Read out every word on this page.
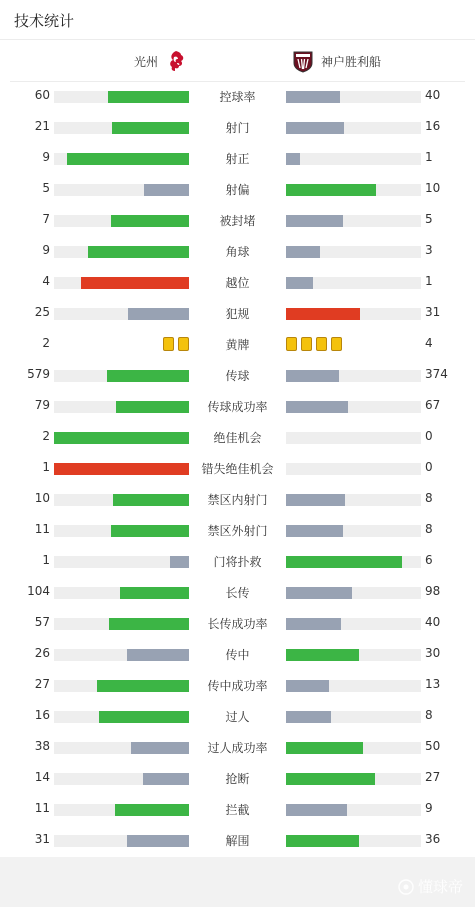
技术统计
光州	神户胜利船
60	控球率	40
21	射门	16
9	射正	1
5	射偏	10
7	被封堵	5
9	角球	3
4	越位	1
25	犯规	31
2	黄牌	4
579	传球	374
79	传球成功率	67
2	绝佳机会	0
1	错失绝佳机会	0
10	禁区内射门	8
11	禁区外射门	8
1	门将扑救	6
104	长传	98
57	长传成功率	40
26	传中	30
27	传中成功率	13
16	过人	8
38	过人成功率	50
14	抢断	27
11	拦截	9
31	解围	36
懂球帝
